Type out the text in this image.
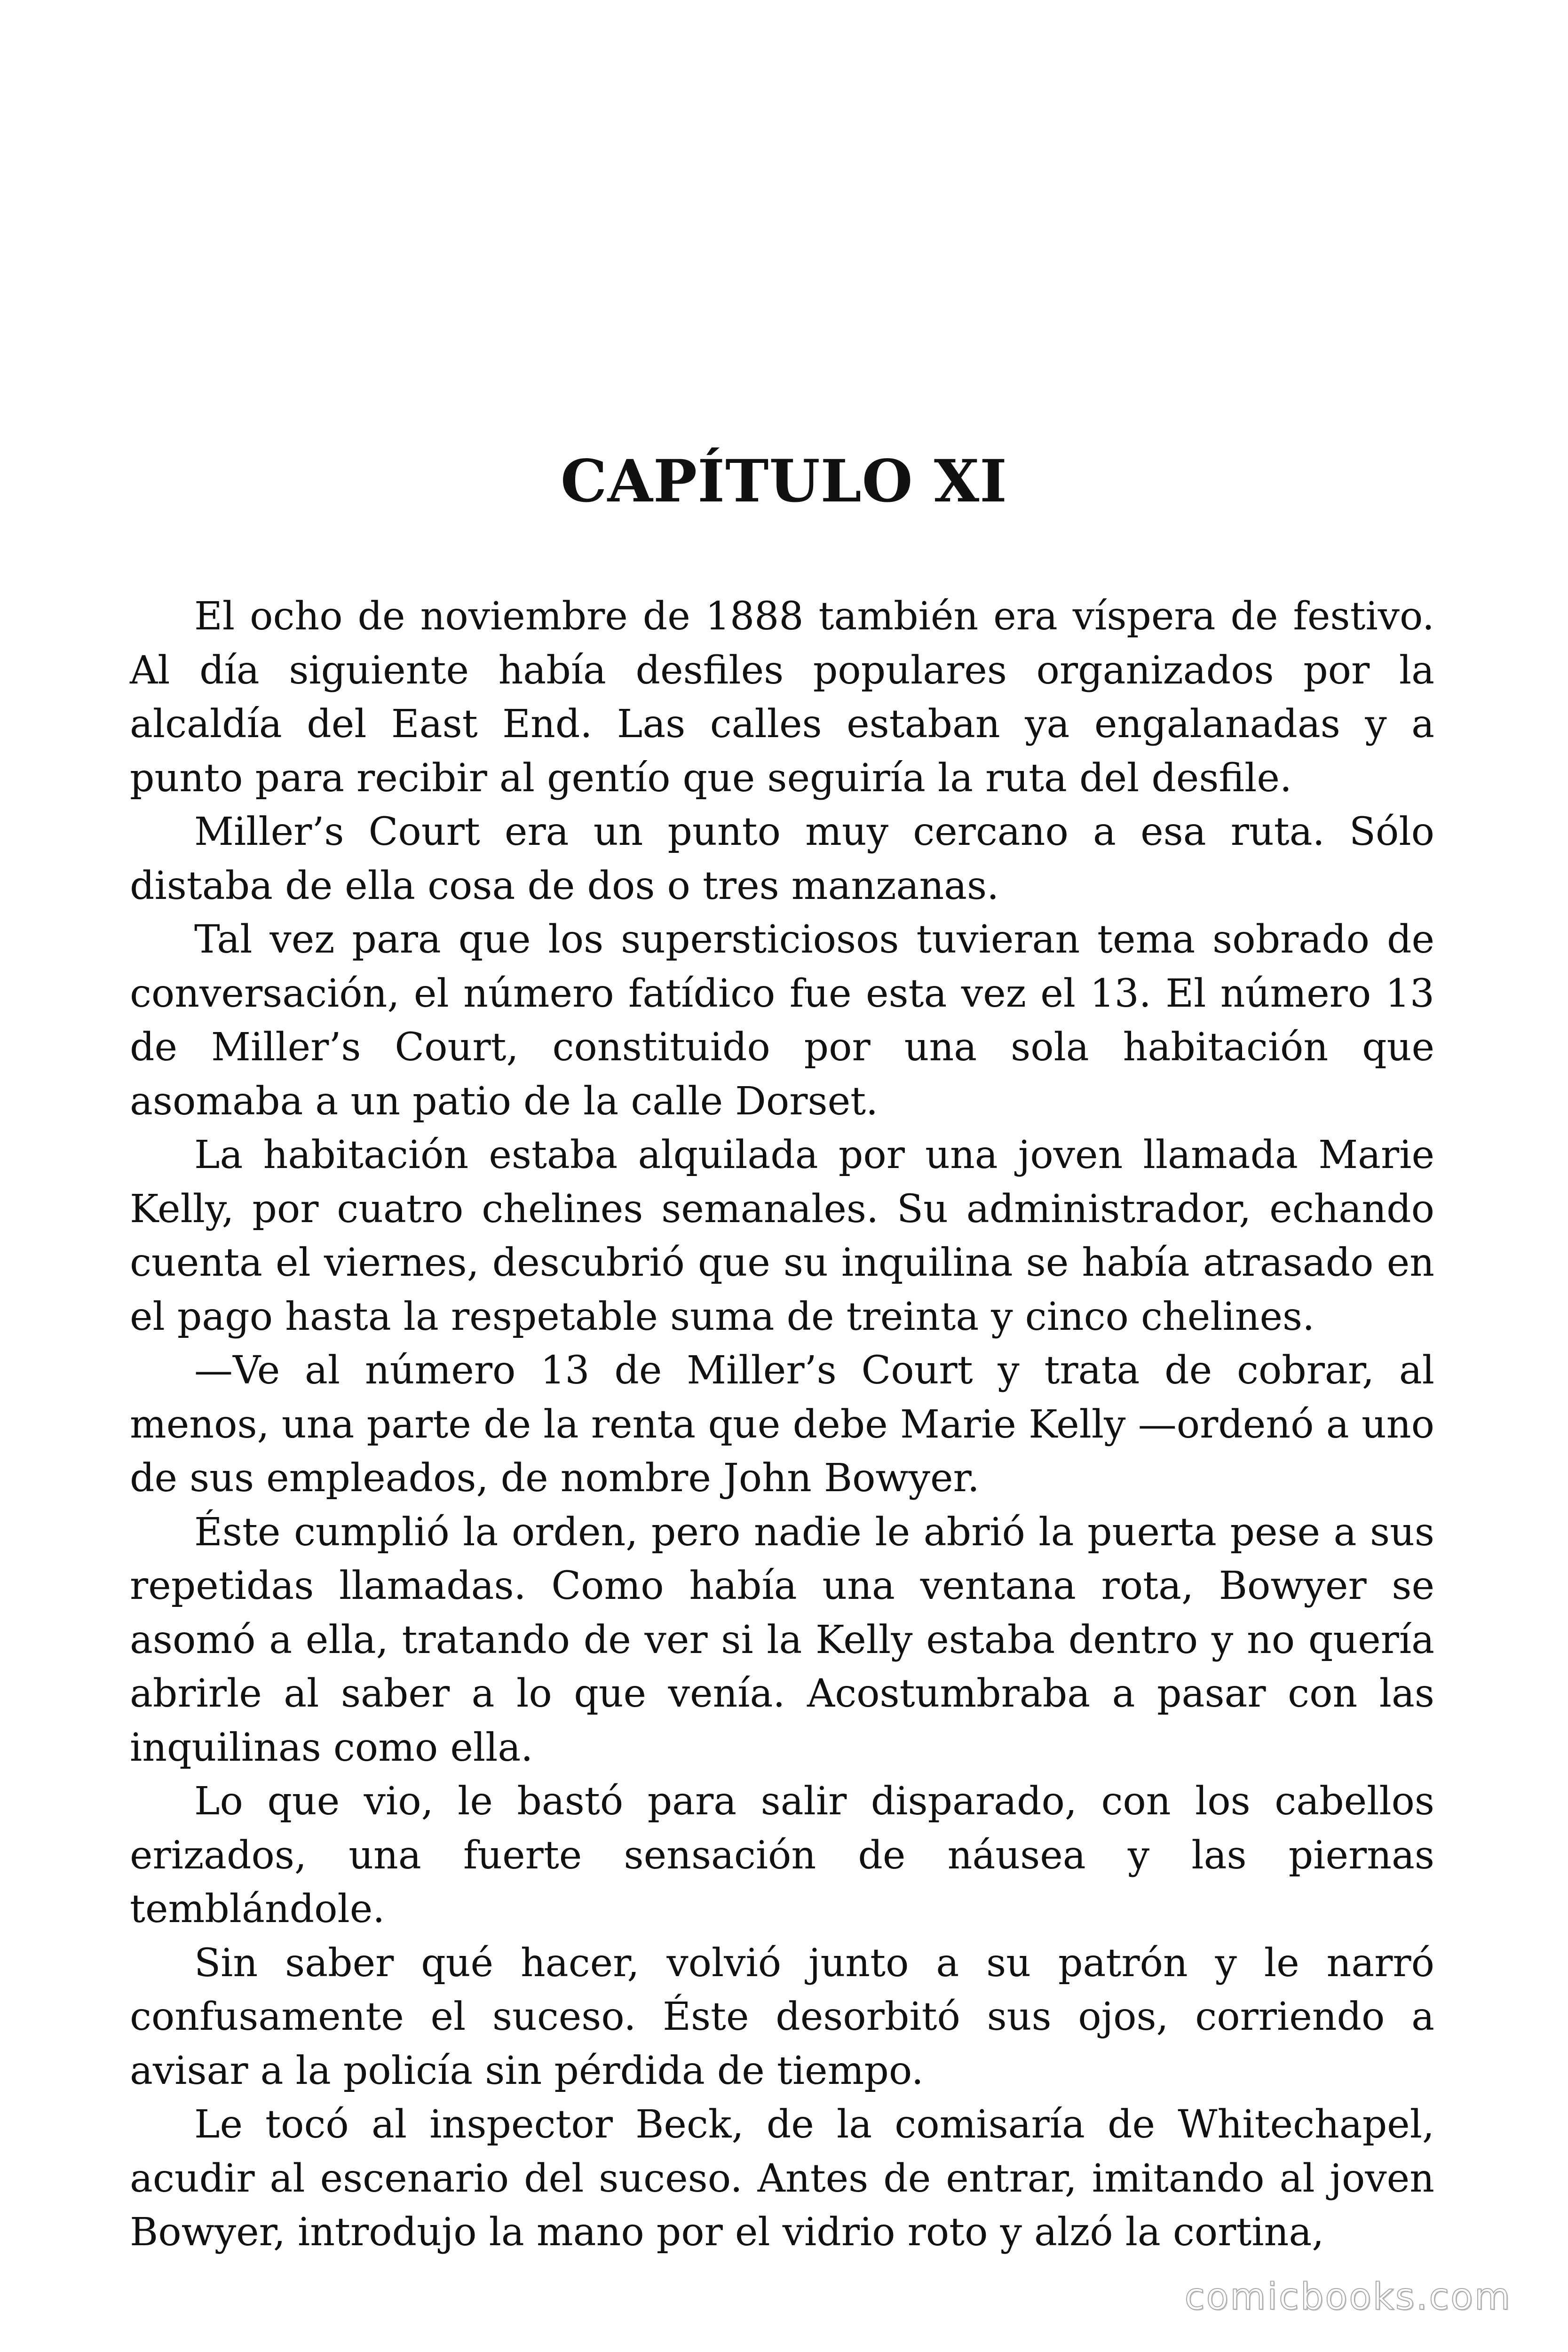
CAPÍTULO XI

El ocho de noviembre de 1888 también era víspera de festivo. Al día siguiente había desfiles populares organizados por la alcaldía del East End. Las calles estaban ya engalanadas y a punto para recibir al gentío que seguiría la ruta del desfile.

Miller’s Court era un punto muy cercano a esa ruta. Sólo distaba de ella cosa de dos o tres manzanas.

Tal vez para que los supersticiosos tuvieran tema sobrado de conversación, el número fatídico fue esta vez el 13. El número 13 de Miller’s Court, constituido por una sola habitación que asomaba a un patio de la calle Dorset.

La habitación estaba alquilada por una joven llamada Marie Kelly, por cuatro chelines semanales. Su administrador, echando cuenta el viernes, descubrió que su inquilina se había atrasado en el pago hasta la respetable suma de treinta y cinco chelines.

—Ve al número 13 de Miller’s Court y trata de cobrar, al menos, una parte de la renta que debe Marie Kelly —ordenó a uno de sus empleados, de nombre John Bowyer.

Éste cumplió la orden, pero nadie le abrió la puerta pese a sus repetidas llamadas. Como había una ventana rota, Bowyer se asomó a ella, tratando de ver si la Kelly estaba dentro y no quería abrirle al saber a lo que venía. Acostumbraba a pasar con las inquilinas como ella.

Lo que vio, le bastó para salir disparado, con los cabellos erizados, una fuerte sensación de náusea y las piernas temblándole.

Sin saber qué hacer, volvió junto a su patrón y le narró confusamente el suceso. Éste desorbitó sus ojos, corriendo a avisar a la policía sin pérdida de tiempo.

Le tocó al inspector Beck, de la comisaría de Whitechapel, acudir al escenario del suceso. Antes de entrar, imitando al joven Bowyer, introdujo la mano por el vidrio roto y alzó la cortina,

comicbooks.com
